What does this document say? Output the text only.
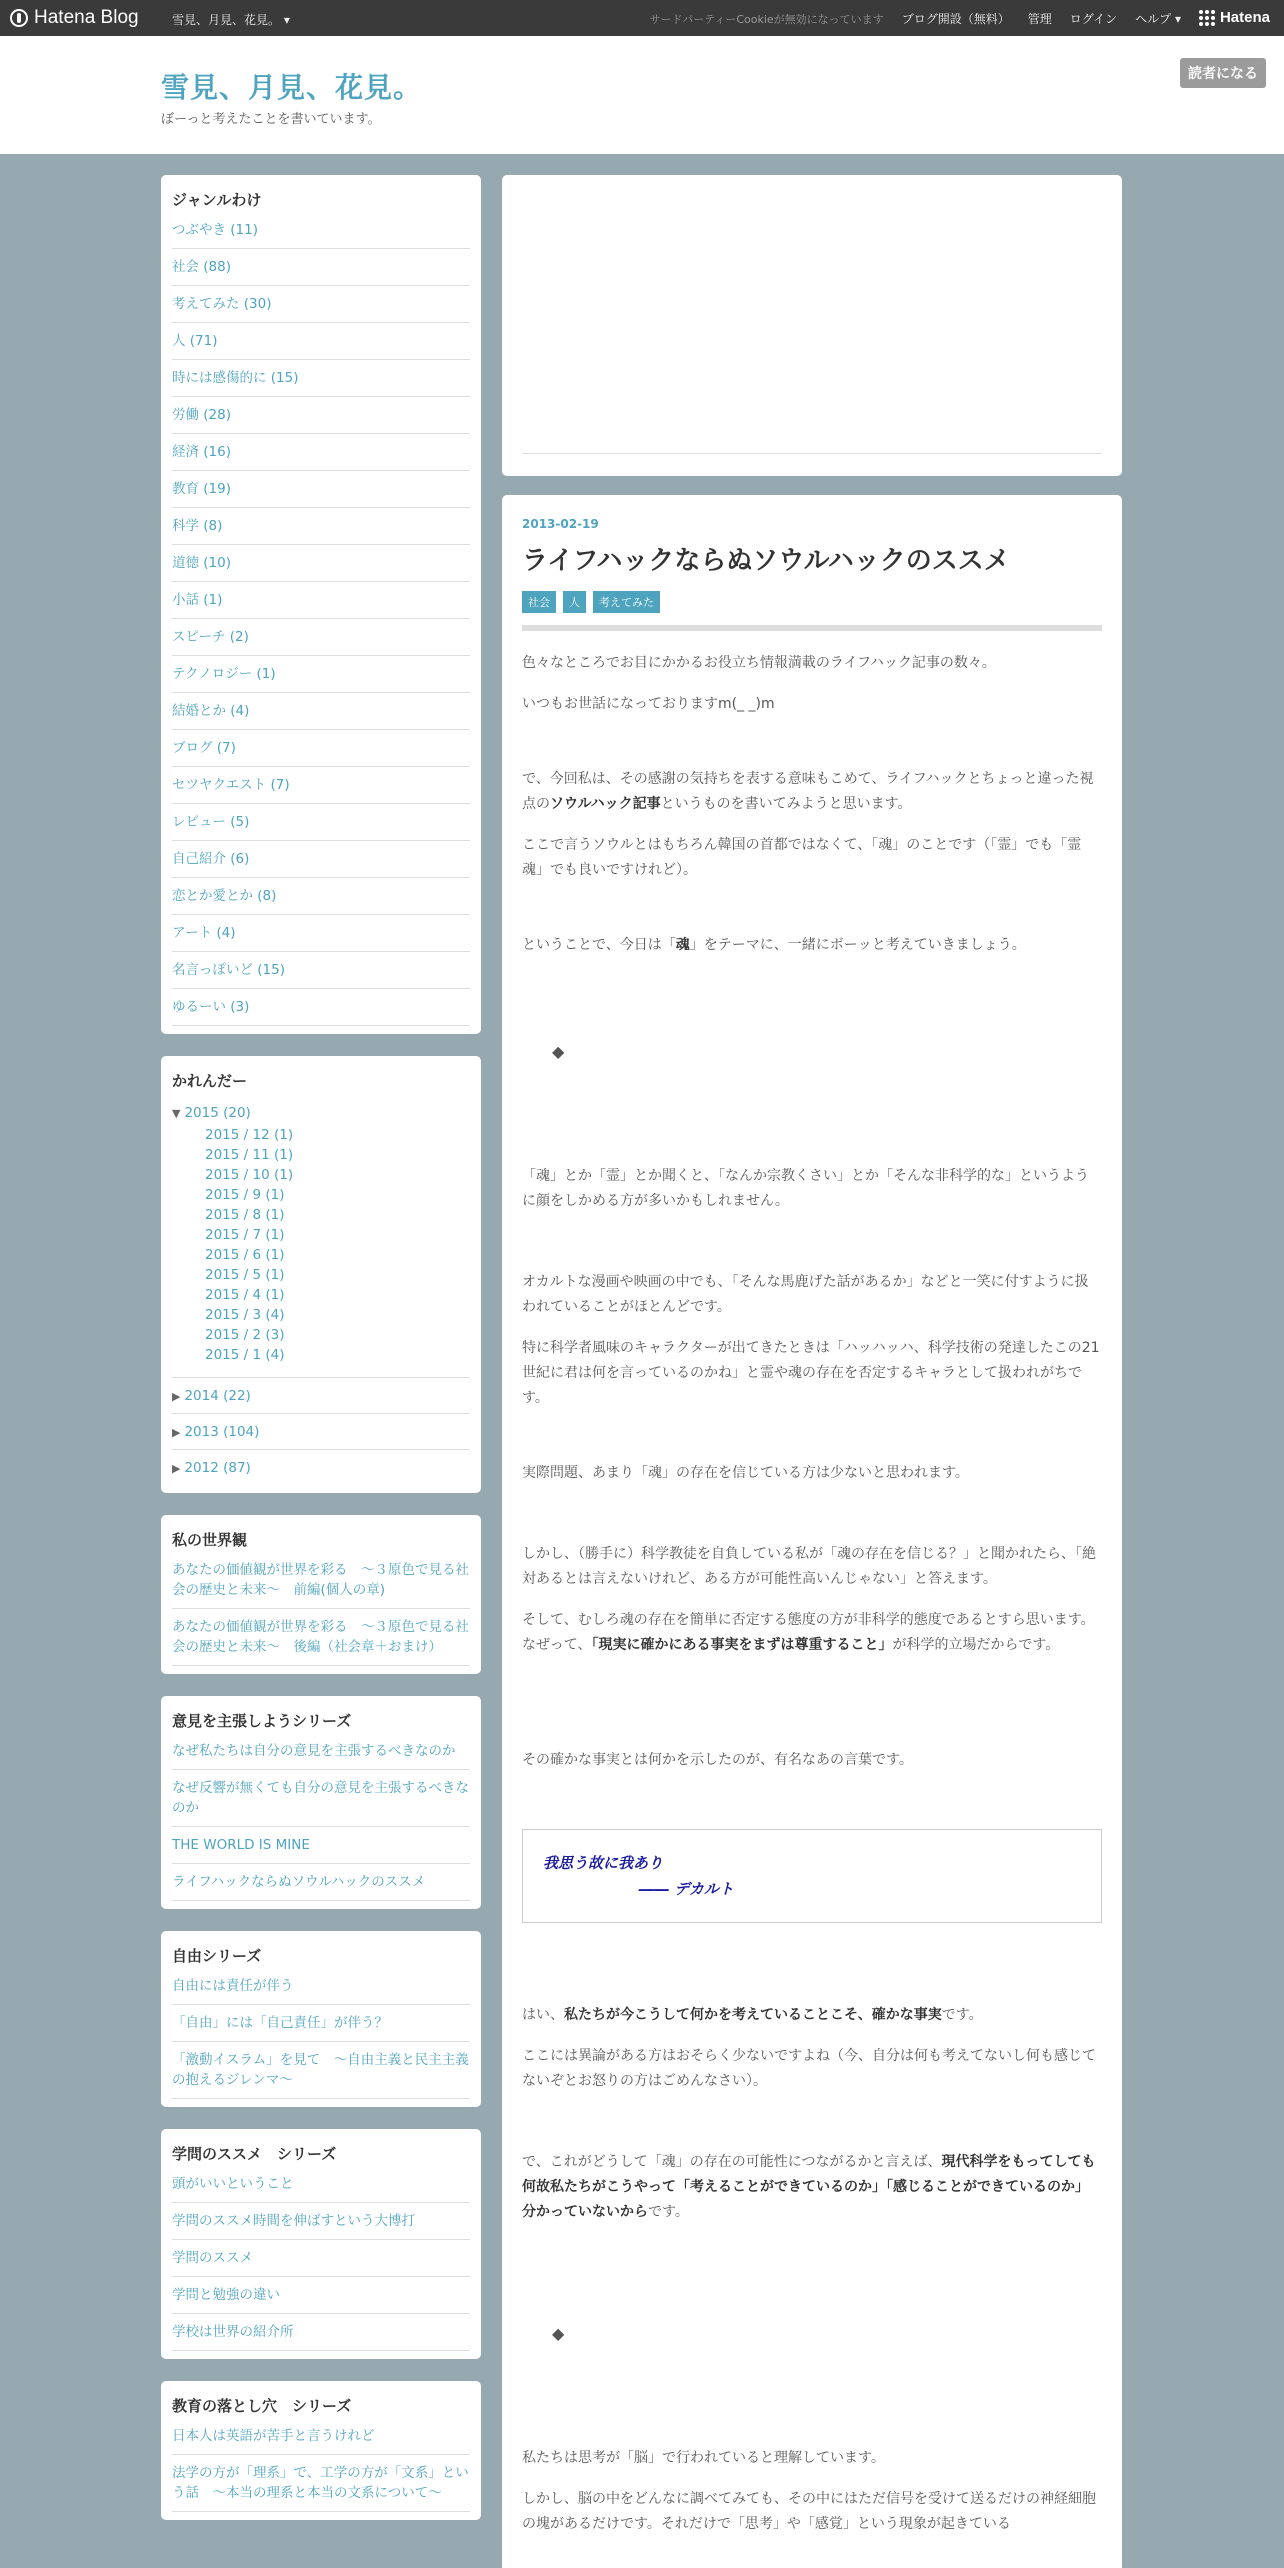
Hatena Blog	雪見、月見、花見。 ▾	サードパーティーCookieが無効になっています ブログ開設（無料） 管理 ログイン ヘルプ ▾	Hatena
雪見、月見、花見。
ぼーっと考えたことを書いています。
読者になる
ジャンルわけ
つぶやき (11)
社会 (88)
考えてみた (30)
人 (71)
時には感傷的に (15)
労働 (28)
経済 (16)
教育 (19)
科学 (8)
道徳 (10)
小話 (1)
スピーチ (2)
テクノロジー (1)
結婚とか (4)
ブログ (7)
セツヤクエスト (7)
レビュー (5)
自己紹介 (6)
恋とか愛とか (8)
アート (4)
名言っぽいど (15)
ゆるーい (3)
かれんだー
▼ 2015 (20)
2015 / 12 (1)
2015 / 11 (1)
2015 / 10 (1)
2015 / 9 (1)
2015 / 8 (1)
2015 / 7 (1)
2015 / 6 (1)
2015 / 5 (1)
2015 / 4 (1)
2015 / 3 (4)
2015 / 2 (3)
2015 / 1 (4)
▶ 2014 (22)
▶ 2013 (104)
▶ 2012 (87)
私の世界観
あなたの価値観が世界を彩る　～３原色で見る社会の歴史と未来～　前編(個人の章)
あなたの価値観が世界を彩る　～３原色で見る社会の歴史と未来～　後編（社会章＋おまけ）
意見を主張しようシリーズ
なぜ私たちは自分の意見を主張するべきなのか
なぜ反響が無くても自分の意見を主張するべきなのか
THE WORLD IS MINE
ライフハックならぬソウルハックのススメ
自由シリーズ
自由には責任が伴う
「自由」には「自己責任」が伴う？
「激動イスラム」を見て　～自由主義と民主主義の抱えるジレンマ～
学問のススメ　シリーズ
頭がいいということ
学問のススメ時間を伸ばすという大博打
学問のススメ
学問と勉強の違い
学校は世界の紹介所
教育の落とし穴　シリーズ
日本人は英語が苦手と言うけれど
法学の方が「理系」で、工学の方が「文系」という話　～本当の理系と本当の文系について～
2013-02-19
ライフハックならぬソウルハックのススメ
社会	人	考えてみた

色々なところでお目にかかるお役立ち情報満載のライフハック記事の数々。

いつもお世話になっておりますm(_ _)m

で、今回私は、その感謝の気持ちを表する意味もこめて、ライフハックとちょっと違った視点のソウルハック記事というものを書いてみようと思います。

ここで言うソウルとはもちろん韓国の首都ではなくて、「魂」のことです（「霊」でも「霊魂」でも良いですけれど）。

ということで、今日は「魂」をテーマに、一緒にボーッと考えていきましょう。

◆

「魂」とか「霊」とか聞くと、「なんか宗教くさい」とか「そんな非科学的な」というように顔をしかめる方が多いかもしれません。

オカルトな漫画や映画の中でも、「そんな馬鹿げた話があるか」などと一笑に付すように扱われていることがほとんどです。

特に科学者風味のキャラクターが出てきたときは「ハッハッハ、科学技術の発達したこの21世紀に君は何を言っているのかね」と霊や魂の存在を否定するキャラとして扱われがちです。

実際問題、あまり「魂」の存在を信じている方は少ないと思われます。

しかし、（勝手に）科学教徒を自負している私が「魂の存在を信じる？」と聞かれたら、「絶対あるとは言えないけれど、ある方が可能性高いんじゃない」と答えます。

そして、むしろ魂の存在を簡単に否定する態度の方が非科学的態度であるとすら思います。なぜって、「現実に確かにある事実をまずは尊重すること」が科学的立場だからです。

その確かな事実とは何かを示したのが、有名なあの言葉です。

我思う故に我あり
―― デカルト

はい、私たちが今こうして何かを考えていることこそ、確かな事実です。

ここには異論がある方はおそらく少ないですよね（今、自分は何も考えてないし何も感じてないぞとお怒りの方はごめんなさい）。

で、これがどうして「魂」の存在の可能性につながるかと言えば、現代科学をもってしても何故私たちがこうやって「考えることができているのか」「感じることができているのか」分かっていないからです。

◆

私たちは思考が「脳」で行われていると理解しています。

しかし、脳の中をどんなに調べてみても、その中にはただ信号を受けて送るだけの神経細胞の塊があるだけです。それだけで「思考」や「感覚」という現象が起きている
